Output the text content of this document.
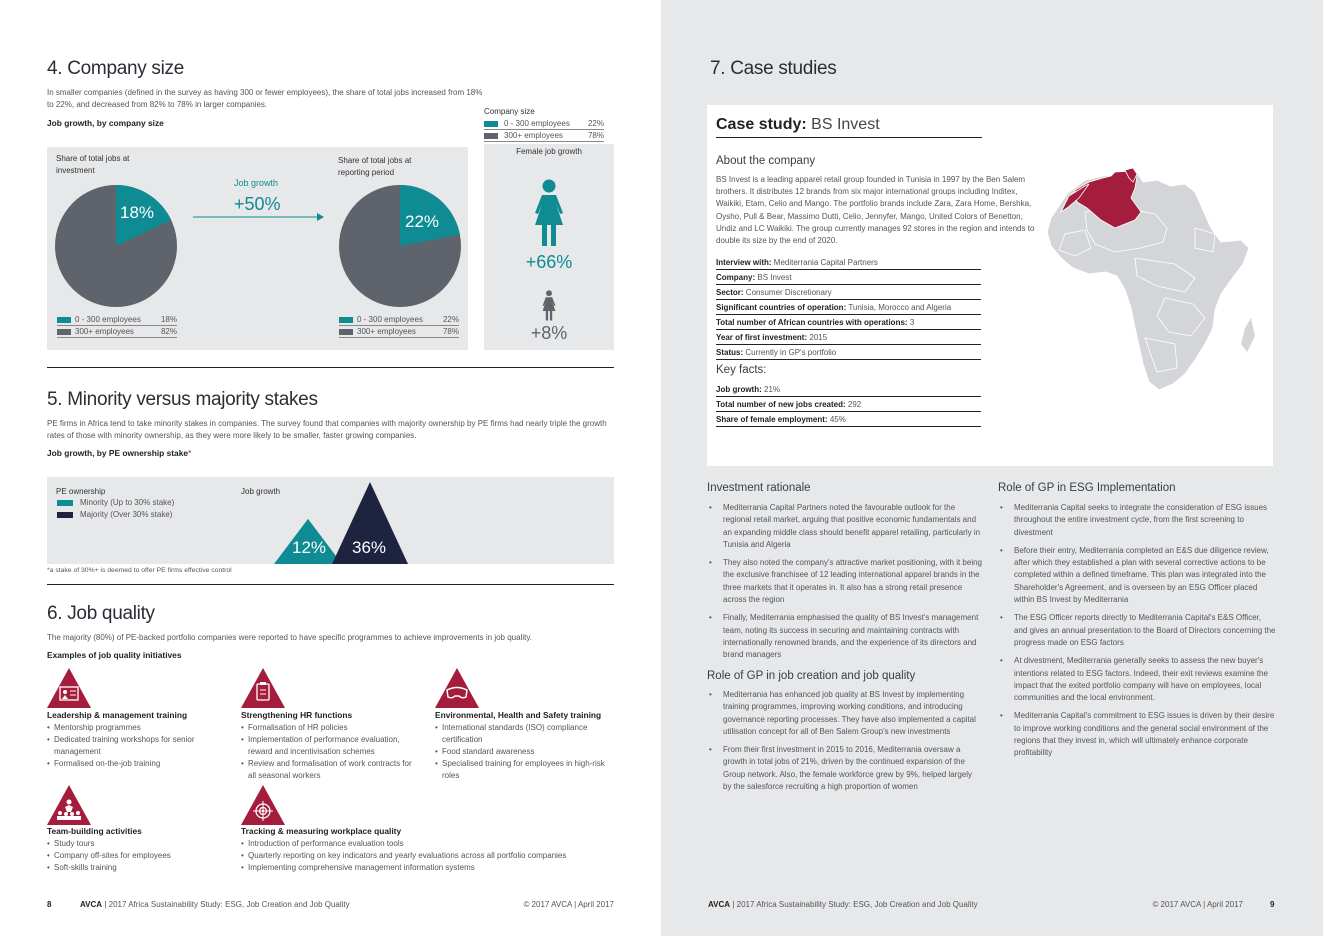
4. Company size
In smaller companies (defined in the survey as having 300 or fewer employees), the share of total jobs increased from 18% to 22%, and decreased from 82% to 78% in larger companies.
Job growth, by company size
Share of total jobs at investment
Share of total jobs at reporting period
18%
Job growth
+50%
22%
0 - 300 employees	18%
300+ employees	82%
0 - 300 employees	22%
300+ employees	78%
Company size
0 - 300 employees 22%
300+ employees	78%
Female job growth
+66%
+8%
5. Minority versus majority stakes
PE firms in Africa tend to take minority stakes in companies. The survey found that companies with majority ownership by PE firms had nearly triple the growth rates of those with minority ownership, as they were more likely to be smaller, faster growing companies.
Job growth, by PE ownership stake*
PE ownership
Minority (Up to 30% stake)
Majority (Over 30% stake)
Job growth
12% 36%
*a stake of 30%+ is deemed to offer PE firms effective control
6. Job quality
The majority (80%) of PE-backed portfolio companies were reported to have specific programmes to achieve improvements in job quality.
Examples of job quality initiatives
Leadership & management training
• Mentorship programmes
• Dedicated training workshops for senior management
• Formalised on-the-job training
Strengthening HR functions
• Formalisation of HR policies
• Implementation of performance evaluation, reward and incentivisation schemes
• Review and formalisation of work contracts for all seasonal workers
Environmental, Health and Safety training
• International standards (ISO) compliance certification
• Food standard awareness
• Specialised training for employees in high-risk roles
Team-building activities
• Study tours
• Company off-sites for employees
• Soft-skills training
Tracking & measuring workplace quality
• Introduction of performance evaluation tools
• Quarterly reporting on key indicators and yearly evaluations across all portfolio companies
• Implementing comprehensive management information systems
8	AVCA | 2017 Africa Sustainability Study: ESG, Job Creation and Job Quality	© 2017 AVCA | April 2017
7. Case studies
Case study: BS Invest
About the company
BS Invest is a leading apparel retail group founded in Tunisia in 1997 by the Ben Salem brothers. It distributes 12 brands from six major international groups including Inditex, Waikiki, Etam, Celio and Mango. The portfolio brands include Zara, Zara Home, Bershka, Oysho, Pull & Bear, Massimo Dutti, Celio, Jennyfer, Mango, United Colors of Benetton, Undiz and LC Waikiki. The group currently manages 92 stores in the region and intends to double its size by the end of 2020.
Interview with: Mediterrania Capital Partners
Company: BS Invest
Sector: Consumer Discretionary
Significant countries of operation: Tunisia, Morocco and Algeria
Total number of African countries with operations: 3
Year of first investment: 2015
Status: Currently in GP's portfolio
Key facts:
Job growth: 21%
Total number of new jobs created: 292
Share of female employment: 45%
Investment rationale
• Mediterrania Capital Partners noted the favourable outlook for the regional retail market, arguing that positive economic fundamentals and an expanding middle class should benefit apparel retailing, particularly in Tunisia and Algeria
• They also noted the company's attractive market positioning, with it being the exclusive franchisee of 12 leading international apparel brands in the three markets that it operates in. It also has a strong retail presence across the region
• Finally, Mediterrania emphasised the quality of BS Invest's management team, noting its success in securing and maintaining contracts with internationally renowned brands, and the experience of its directors and brand managers
Role of GP in job creation and job quality
• Mediterrania has enhanced job quality at BS Invest by implementing training programmes, improving working conditions, and introducing governance reporting processes. They have also implemented a capital utilisation concept for all of Ben Salem Group's new investments
• From their first investment in 2015 to 2016, Mediterrania oversaw a growth in total jobs of 21%, driven by the continued expansion of the Group network. Also, the female workforce grew by 9%, helped largely by the salesforce recruiting a high proportion of women
Role of GP in ESG Implementation
• Mediterrania Capital seeks to integrate the consideration of ESG issues throughout the entire investment cycle, from the first screening to divestment
• Before their entry, Mediterrania completed an E&S due diligence review, after which they established a plan with several corrective actions to be completed within a defined timeframe. This plan was integrated into the Shareholder's Agreement, and is overseen by an ESG Officer placed within BS Invest by Mediterrania
• The ESG Officer reports directly to Mediterrania Capital's E&S Officer, and gives an annual presentation to the Board of Directors concerning the progress made on ESG factors
• At divestment, Mediterrania generally seeks to assess the new buyer's intentions related to ESG factors. Indeed, their exit reviews examine the impact that the exited portfolio company will have on employees, local communities and the local environment.
• Mediterrania Capital's commitment to ESG issues is driven by their desire to improve working conditions and the general social environment of the regions that they invest in, which will ultimately enhance corporate profitability
AVCA | 2017 Africa Sustainability Study: ESG, Job Creation and Job Quality	© 2017 AVCA | April 2017	9
